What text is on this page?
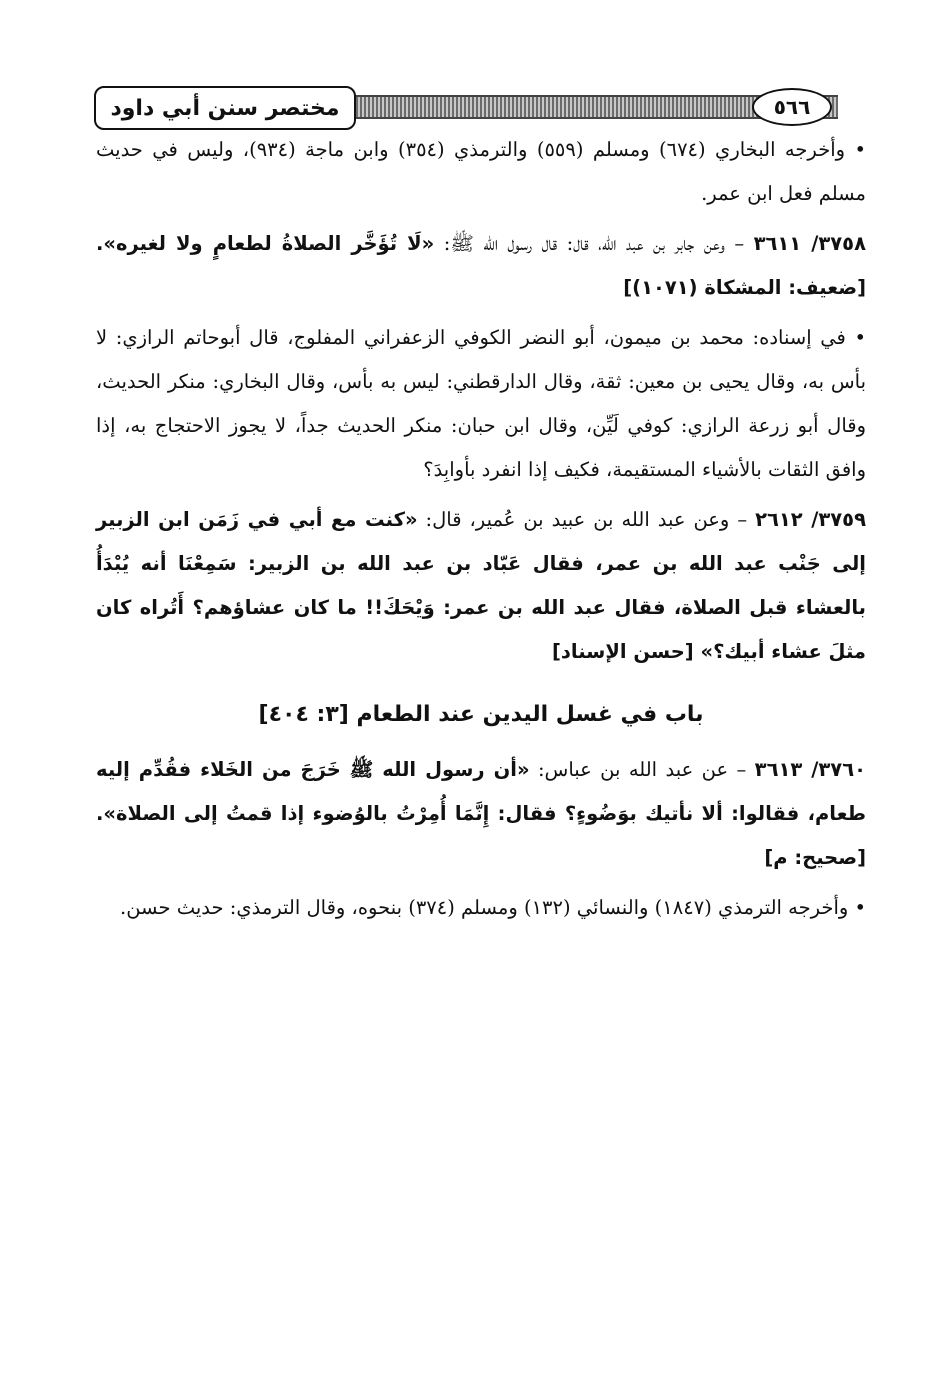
مختصر سنن أبي داود	٥٦٦

• وأخرجه البخاري (٦٧٤) ومسلم (٥٥٩) والترمذي (٣٥٤) وابن ماجة (٩٣٤)، وليس في حديث مسلم فعل ابن عمر.

٣٧٥٨/ ٣٦١١ – وعن جابر بن عبد الله، قال: قال رسول الله ﷺ: «لَا تُؤَخَّر الصلاةُ لطعامٍ ولا لغيره». [ضعيف: المشكاة (١٠٧١)]

• في إسناده: محمد بن ميمون، أبو النضر الكوفي الزعفراني المفلوج، قال أبوحاتم الرازي: لا بأس به، وقال يحيى بن معين: ثقة، وقال الدارقطني: ليس به بأس، وقال البخاري: منكر الحديث، وقال أبو زرعة الرازي: كوفي لَيِّن، وقال ابن حبان: منكر الحديث جداً، لا يجوز الاحتجاج به، إذا وافق الثقات بالأشياء المستقيمة، فكيف إذا انفرد بأوابِدَ؟

٣٧٥٩/ ٢٦١٢ – وعن عبد الله بن عبيد بن عُمير، قال: «كنت مع أبي في زَمَن ابن الزبير إلى جَنْب عبد الله بن عمر، فقال عَبّاد بن عبد الله بن الزبير: سَمِعْنَا أنه يُبْدَأُ بالعشاء قبل الصلاة، فقال عبد الله بن عمر: وَيْحَكَ!! ما كان عشاؤهم؟ أَتُراه كان مثلَ عشاء أبيك؟» [حسن الإسناد]

باب في غسل اليدين عند الطعام [٣: ٤٠٤]

٣٧٦٠/ ٣٦١٣ – عن عبد الله بن عباس: «أن رسول الله ﷺ خَرَجَ من الخَلاء فقُدِّم إليه طعام، فقالوا: ألا نأتيك بوَضُوءٍ؟ فقال: إِنَّمَا أُمِرْتُ بالوُضوء إذا قمتُ إلى الصلاة». [صحيح: م]

• وأخرجه الترمذي (١٨٤٧) والنسائي (١٣٢) ومسلم (٣٧٤) بنحوه، وقال الترمذي: حديث حسن.
